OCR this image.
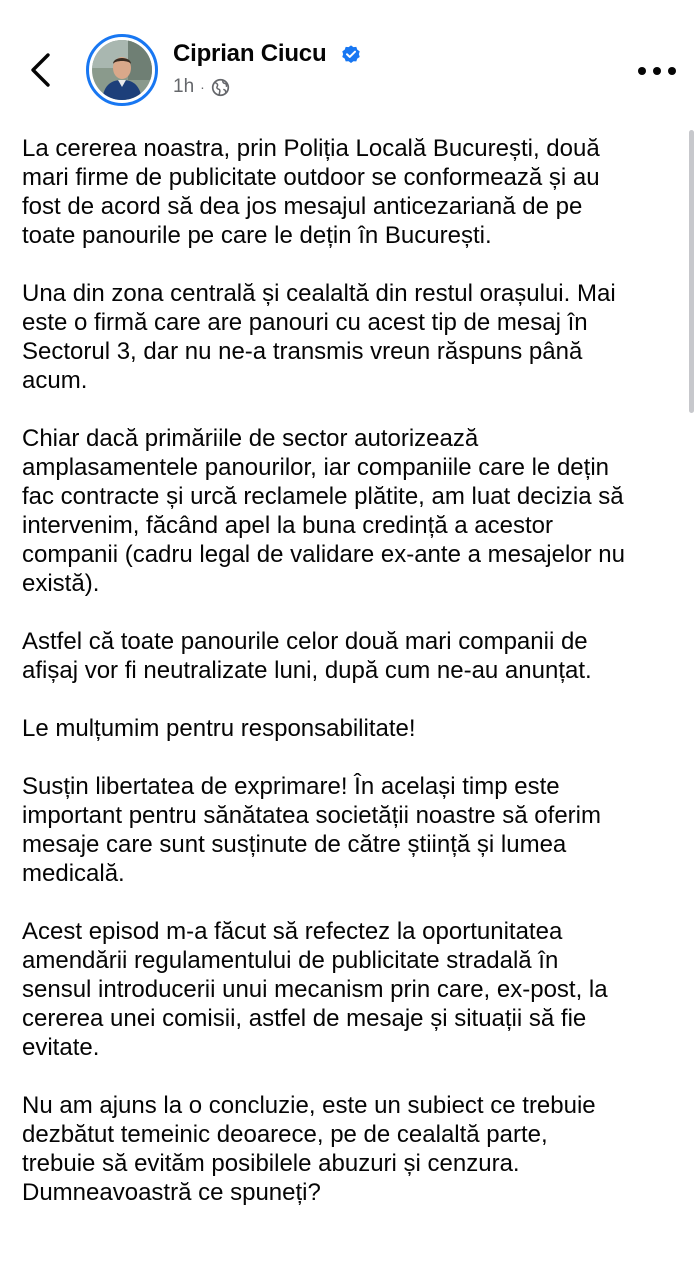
Ciprian Ciucu
1h ·

La cererea noastra, prin Poliția Locală București, două
mari firme de publicitate outdoor se conformează și au
fost de acord să dea jos mesajul anticezariană de pe
toate panourile pe care le dețin în București.

Una din zona centrală și cealaltă din restul orașului. Mai
este o firmă care are panouri cu acest tip de mesaj în
Sectorul 3, dar nu ne-a transmis vreun răspuns până
acum.

Chiar dacă primăriile de sector autorizează
amplasamentele panourilor, iar companiile care le dețin
fac contracte și urcă reclamele plătite, am luat decizia să
intervenim, făcând apel la buna credință a acestor
companii (cadru legal de validare ex-ante a mesajelor nu
există).

Astfel că toate panourile celor două mari companii de
afișaj vor fi neutralizate luni, după cum ne-au anunțat.

Le mulțumim pentru responsabilitate!

Susțin libertatea de exprimare! În același timp este
important pentru sănătatea societății noastre să oferim
mesaje care sunt susținute de către știință și lumea
medicală.

Acest episod m-a făcut să refectez la oportunitatea
amendării regulamentului de publicitate stradală în
sensul introducerii unui mecanism prin care, ex-post, la
cererea unei comisii, astfel de mesaje și situații să fie
evitate.

Nu am ajuns la o concluzie, este un subiect ce trebuie
dezbătut temeinic deoarece, pe de cealaltă parte,
trebuie să evităm posibilele abuzuri și cenzura.
Dumneavoastră ce spuneți?
